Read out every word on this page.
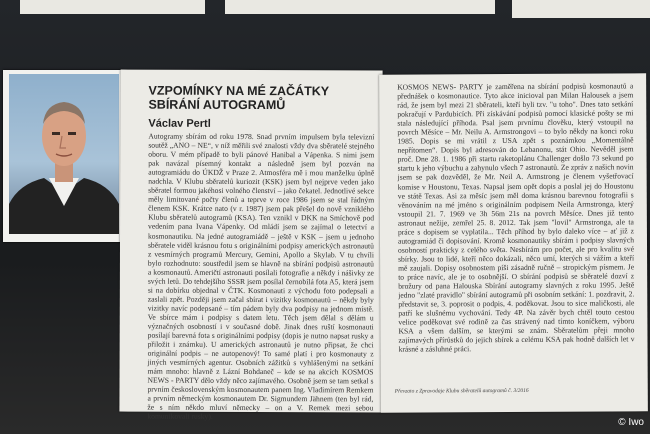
VZPOMÍNKY NA MÉ ZAČÁTKY SBÍRÁNÍ AUTOGRAMŮ
Václav Pertl
Autogramy sbírám od roku 1978. Snad prvním impulsem byla televizní soutěž „ANO – NE“, v níž měřili své znalosti vždy dva sběratelé stejného oboru. V mém případě to byli pánové Hanibal a Vápenka. S nimi jsem pak navázal písemný kontakt a následně jsem byl pozván na autogramiádu do ÚKDŽ v Praze 2. Atmosféra mě i mou manželku úplně nadchla. V Klubu sběratelů kuriozit (KSK) jsem byl nejprve veden jako sběratel formou jakéhosi volného členství – jako čekatel. Jednotlivé sekce měly limitované počty členů a teprve v roce 1986 jsem se stal řádným členem KSK. Krátce nato (v r. 1987) jsem pak přešel do nově vzniklého Klubu sběratelů autogramů (KSA). Ten vznikl v DKK na Smíchově pod vedením pana Ivana Vápenky. Od mládí jsem se zajímal o letectví a kosmonautiku. Na jedné autogramiádě – ještě v KSK – jsem u jednoho sběratele viděl krásnou fotu s originálními podpisy amerických astronautů z vesmírných programů Mercury, Gemini, Apollo a Skylab. V tu chvíli bylo rozhodnuto: soustředil jsem se hlavně na sbírání podpisů astronautů a kosmonautů. Američtí astronauti posílali fotografie a někdy i nášivky ze svých letů. Do tehdejšího SSSR jsem posílal černobílá fota A5, která jsem si na dobírku objednal v ČTK. Kosmonauti z východu foto podepsali a zaslali zpět. Později jsem začal sbírat i vizitky kosmonautů – někdy byly vizitky navíc podepsané – tím pádem byly dva podpisy na jednom místě. Ve sbírce mám i podpisy s datem letu. Těch jsem dělal s dělám u význačných osobností i v současné době. Jinak dnes ruští kosmonauti posílají barevná fota s originálními podpisy (dopis je nutno napsat rusky a přiložit i známku). U amerických astronautů je nutno připsat, že chci originální podpis – ne autopenový! To samé platí i pro kosmonauty z jiných vesmírných agentur. Osobních zážitků s vyhlášenými na setkání mám mnoho: hlavně z Lázní Bohdaneč – kde se na akcích KOSMOS NEWS - PARTY dělo vždy něco zajímavého. Osobně jsem se tam setkal s prvním československým kosmonautem panem Ing. Vladimírem Remkem a prvním německým kosmonautem Dr. Sigmundem Jähnem (ten byl rád, že s ním někdo mluví německy – on a V. Remek mezi sebou komunikovali rusky).
KOSMOS NEWS- PARTY je zaměřena na sbírání podpisů kosmonautů a přednášek o kosmonautice. Tyto akce inicioval pan Milan Halousek a jsem rád, že jsem byl mezi 21 sběrateli, kteří byli tzv. "u toho". Dnes tato setkání pokračují v Pardubicích. Při získávání podpisů pomocí klasické pošty se mi stala následující příhoda. Psal jsem prvnímu člověku, který vstoupil na povrch Měsíce – Mr. Neilu A. Armstrongovi – to bylo někdy na konci roku 1985. Dopis se mi vrátil z USA zpět s poznámkou „Momentálně nepřítomen“. Dopis byl adresován do Lebanonu, stát Ohio. Nevěděl jsem proč. Dne 28. 1. 1986 při startu raketoplánu Challenger došlo 73 sekund po startu k jeho výbuchu a zahynulo všech 7 astronautů. Ze zpráv z našich novin jsem se pak dozvěděl, že Mr. Neil A. Armstrong je členem vyšetřovací komise v Houstonu, Texas. Napsal jsem opět dopis a poslal jej do Houstonu ve státě Texas. Asi za měsíc jsem měl doma krásnou barevnou fotografii s věnováním na mé jméno s originálním podpisem Neila Armstronga, který vstoupil 21. 7. 1969 ve 3h 56m 21s na povrch Měsíce. Dnes již tento astronaut nežije, zemřel 25. 8. 2012. Tak jsem "lovil" Armstronga, ale ta práce s dopisem se vyplatila... Těch příhod by bylo daleko více – ať již z autogramiád či dopisování. Kromě kosmonautiky sbírám i podpisy slavných osobností prakticky z celého světa. Nesbírám pro počet, ale pro kvalitu své sbírky. Jsou to lidé, kteří něco dokázali, něco umí, kterých si vážím a kteří mě zaujali. Dopisy osobnostem píši zásadně ručně – stropickým písmem. Je to práce navíc, ale je to osobnější. O sbírání podpisů se sběratelé dozví z brožury od pana Halouska Sbírání autogramy slavných z roku 1995. Ještě jedno "zlaté pravidlo" sbírání autogramů při osobním setkání: 1. pozdravit, 2. představit se, 3. poprosit o podpis, 4. poděkovat. Jsou to sice maličkosti, ale patří ke slušnému vychování. Tedy 4P. Na závěr bych chtěl touto cestou velice poděkovat své rodině za čas strávený nad tímto koníčkem, výboru KSA a všem dalším, se kterými se znám. Sběratelům přeji mnoho zajímavých přírůstků do jejich sbírek a celému KSA pak hodně dalších let v krásné a zásluhné práci.
Převzato z Zpravodaje Klubu sběratelů autogramů č. 3/2016
© Iwo
